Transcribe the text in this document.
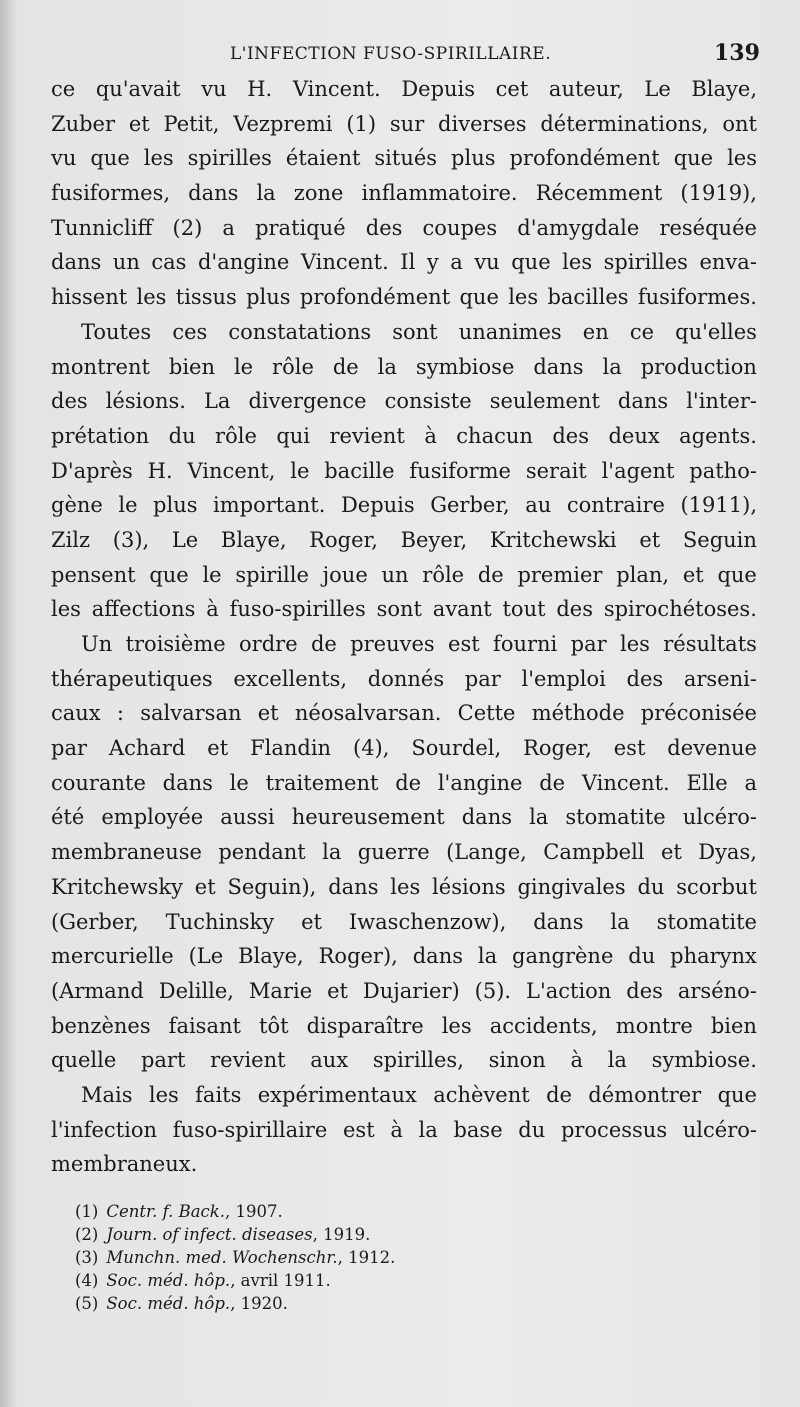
L'INFECTION FUSO-SPIRILLAIRE.	139
ce qu'avait vu H. Vincent. Depuis cet auteur, Le Blaye,
Zuber et Petit, Vezpremi (1) sur diverses déterminations, ont
vu que les spirilles étaient situés plus profondément que les
fusiformes, dans la zone inflammatoire. Récemment (1919),
Tunnicliff (2) a pratiqué des coupes d'amygdale reséquée
dans un cas d'angine Vincent. Il y a vu que les spirilles enva-
hissent les tissus plus profondément que les bacilles fusiformes.
Toutes ces constatations sont unanimes en ce qu'elles
montrent bien le rôle de la symbiose dans la production
des lésions. La divergence consiste seulement dans l'inter-
prétation du rôle qui revient à chacun des deux agents.
D'après H. Vincent, le bacille fusiforme serait l'agent patho-
gène le plus important. Depuis Gerber, au contraire (1911),
Zilz (3), Le Blaye, Roger, Beyer, Kritchewski et Seguin
pensent que le spirille joue un rôle de premier plan, et que
les affections à fuso-spirilles sont avant tout des spirochétoses.
Un troisième ordre de preuves est fourni par les résultats
thérapeutiques excellents, donnés par l'emploi des arseni-
caux : salvarsan et néosalvarsan. Cette méthode préconisée
par Achard et Flandin (4), Sourdel, Roger, est devenue
courante dans le traitement de l'angine de Vincent. Elle a
été employée aussi heureusement dans la stomatite ulcéro-
membraneuse pendant la guerre (Lange, Campbell et Dyas,
Kritchewsky et Seguin), dans les lésions gingivales du scorbut
(Gerber, Tuchinsky et Iwaschenzow), dans la stomatite
mercurielle (Le Blaye, Roger), dans la gangrène du pharynx
(Armand Delille, Marie et Dujarier) (5). L'action des arséno-
benzènes faisant tôt disparaître les accidents, montre bien
quelle part revient aux spirilles, sinon à la symbiose.
Mais les faits expérimentaux achèvent de démontrer que
l'infection fuso-spirillaire est à la base du processus ulcéro-
membraneux.
(1) Centr. f. Back., 1907.
(2) Journ. of infect. diseases, 1919.
(3) Munchn. med. Wochenschr., 1912.
(4) Soc. méd. hôp., avril 1911.
(5) Soc. méd. hôp., 1920.
